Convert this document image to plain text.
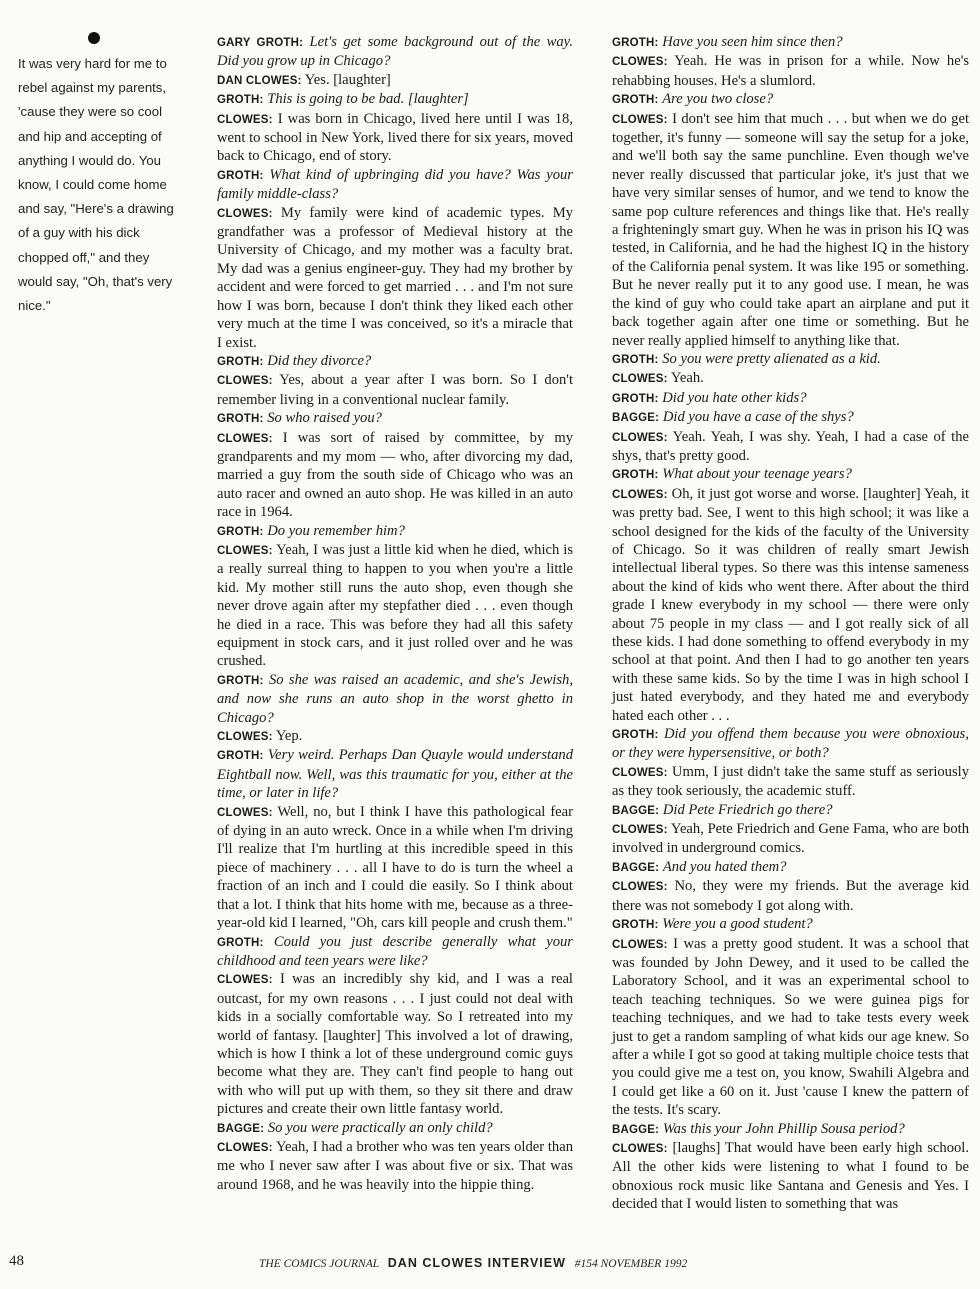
It was very hard for me to rebel against my parents, 'cause they were so cool and hip and accepting of anything I would do. You know, I could come home and say, "Here's a drawing of a guy with his dick chopped off," and they would say, "Oh, that's very nice."

GARY GROTH: Let's get some background out of the way. Did you grow up in Chicago?

DAN CLOWES: Yes. [laughter]

GROTH: This is going to be bad. [laughter]

CLOWES: I was born in Chicago, lived here until I was 18, went to school in New York, lived there for six years, moved back to Chicago, end of story.

GROTH: What kind of upbringing did you have? Was your family middle-class?

CLOWES: My family were kind of academic types. My grandfather was a professor of Medieval history at the University of Chicago, and my mother was a faculty brat. My dad was a genius engineer-guy. They had my brother by accident and were forced to get married . . . and I'm not sure how I was born, because I don't think they liked each other very much at the time I was conceived, so it's a miracle that I exist.

GROTH: Did they divorce?

CLOWES: Yes, about a year after I was born. So I don't remember living in a conventional nuclear family.

GROTH: So who raised you?

CLOWES: I was sort of raised by committee, by my grandparents and my mom — who, after divorcing my dad, married a guy from the south side of Chicago who was an auto racer and owned an auto shop. He was killed in an auto race in 1964.

GROTH: Do you remember him?

CLOWES: Yeah, I was just a little kid when he died, which is a really surreal thing to happen to you when you're a little kid. My mother still runs the auto shop, even though she never drove again after my stepfather died . . . even though he died in a race. This was before they had all this safety equipment in stock cars, and it just rolled over and he was crushed.

GROTH: So she was raised an academic, and she's Jewish, and now she runs an auto shop in the worst ghetto in Chicago?

CLOWES: Yep.

GROTH: Very weird. Perhaps Dan Quayle would understand Eightball now. Well, was this traumatic for you, either at the time, or later in life?

CLOWES: Well, no, but I think I have this pathological fear of dying in an auto wreck. Once in a while when I'm driving I'll realize that I'm hurtling at this incredible speed in this piece of machinery . . . all I have to do is turn the wheel a fraction of an inch and I could die easily. So I think about that a lot. I think that hits home with me, because as a three-year-old kid I learned, "Oh, cars kill people and crush them."

GROTH: Could you just describe generally what your childhood and teen years were like?

CLOWES: I was an incredibly shy kid, and I was a real outcast, for my own reasons . . . I just could not deal with kids in a socially comfortable way. So I retreated into my world of fantasy. [laughter] This involved a lot of drawing, which is how I think a lot of these underground comic guys become what they are. They can't find people to hang out with who will put up with them, so they sit there and draw pictures and create their own little fantasy world.

BAGGE: So you were practically an only child?

CLOWES: Yeah, I had a brother who was ten years older than me who I never saw after I was about five or six. That was around 1968, and he was heavily into the hippie thing.

GROTH: Have you seen him since then?

CLOWES: Yeah. He was in prison for a while. Now he's rehabbing houses. He's a slumlord.

GROTH: Are you two close?

CLOWES: I don't see him that much . . . but when we do get together, it's funny — someone will say the setup for a joke, and we'll both say the same punchline. Even though we've never really discussed that particular joke, it's just that we have very similar senses of humor, and we tend to know the same pop culture references and things like that. He's really a frighteningly smart guy. When he was in prison his IQ was tested, in California, and he had the highest IQ in the history of the California penal system. It was like 195 or something. But he never really put it to any good use. I mean, he was the kind of guy who could take apart an airplane and put it back together again after one time or something. But he never really applied himself to anything like that.

GROTH: So you were pretty alienated as a kid.

CLOWES: Yeah.

GROTH: Did you hate other kids?

BAGGE: Did you have a case of the shys?

CLOWES: Yeah. Yeah, I was shy. Yeah, I had a case of the shys, that's pretty good.

GROTH: What about your teenage years?

CLOWES: Oh, it just got worse and worse. [laughter] Yeah, it was pretty bad. See, I went to this high school; it was like a school designed for the kids of the faculty of the University of Chicago. So it was children of really smart Jewish intellectual liberal types. So there was this intense sameness about the kind of kids who went there. After about the third grade I knew everybody in my school — there were only about 75 people in my class — and I got really sick of all these kids. I had done something to offend everybody in my school at that point. And then I had to go another ten years with these same kids. So by the time I was in high school I just hated everybody, and they hated me and everybody hated each other . . .

GROTH: Did you offend them because you were obnoxious, or they were hypersensitive, or both?

CLOWES: Umm, I just didn't take the same stuff as seriously as they took seriously, the academic stuff.

BAGGE: Did Pete Friedrich go there?

CLOWES: Yeah, Pete Friedrich and Gene Fama, who are both involved in underground comics.

BAGGE: And you hated them?

CLOWES: No, they were my friends. But the average kid there was not somebody I got along with.

GROTH: Were you a good student?

CLOWES: I was a pretty good student. It was a school that was founded by John Dewey, and it used to be called the Laboratory School, and it was an experimental school to teach teaching techniques. So we were guinea pigs for teaching techniques, and we had to take tests every week just to get a random sampling of what kids our age knew. So after a while I got so good at taking multiple choice tests that you could give me a test on, you know, Swahili Algebra and I could get like a 60 on it. Just 'cause I knew the pattern of the tests. It's scary.

BAGGE: Was this your John Phillip Sousa period?

CLOWES: [laughs] That would have been early high school. All the other kids were listening to what I found to be obnoxious rock music like Santana and Genesis and Yes. I decided that I would listen to something that was

48	THE COMICS JOURNAL DAN CLOWES INTERVIEW #154 NOVEMBER 1992
